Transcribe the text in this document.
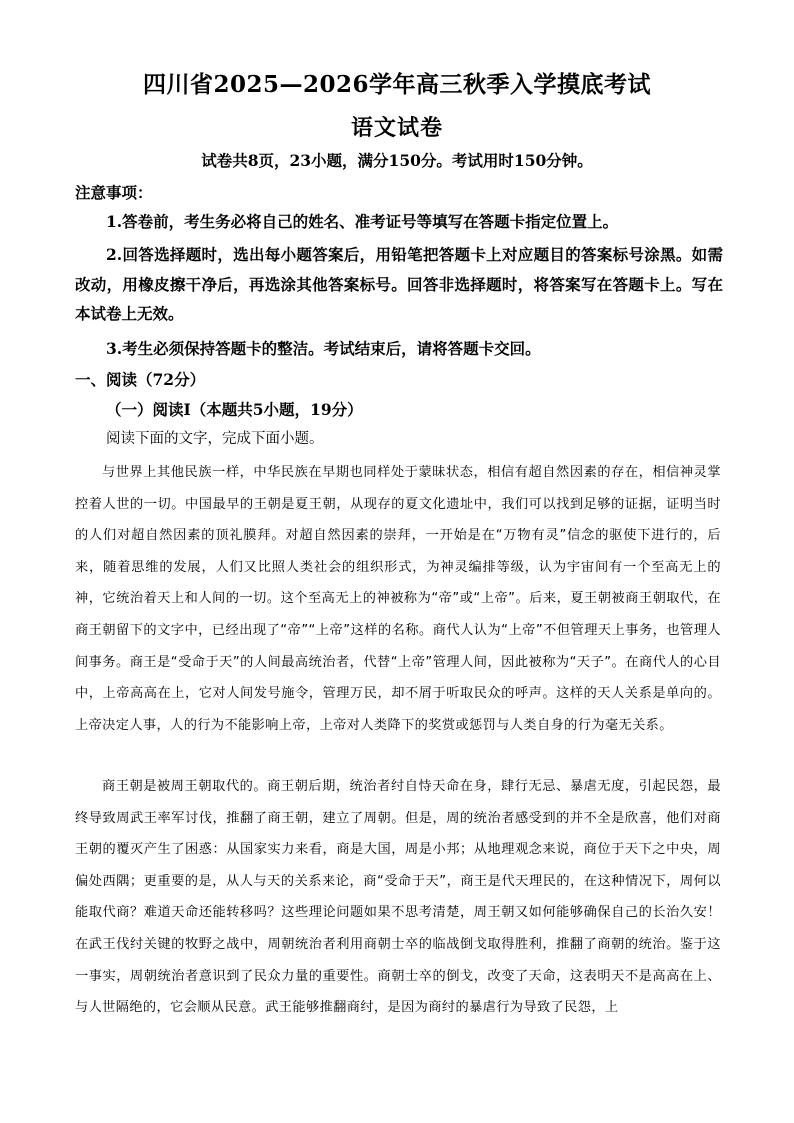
四川省2025—2026学年高三秋季入学摸底考试
语文试卷
试卷共8页，23小题，满分150分。考试用时150分钟。
注意事项：

1.答卷前，考生务必将自己的姓名、准考证号等填写在答题卡指定位置上。

2.回答选择题时，选出每小题答案后，用铅笔把答题卡上对应题目的答案标号涂黑。如需改动，用橡皮擦干净后，再选涂其他答案标号。回答非选择题时，将答案写在答题卡上。写在本试卷上无效。

3.考生必须保持答题卡的整洁。考试结束后，请将答题卡交回。

一、阅读（72分）
（一）阅读Ⅰ（本题共5小题，19分）
阅读下面的文字，完成下面小题。

与世界上其他民族一样，中华民族在早期也同样处于蒙昧状态，相信有超自然因素的存在，相信神灵掌控着人世的一切。中国最早的王朝是夏王朝，从现存的夏文化遗址中，我们可以找到足够的证据，证明当时的人们对超自然因素的顶礼膜拜。对超自然因素的崇拜，一开始是在“万物有灵”信念的驱使下进行的，后来，随着思维的发展，人们又比照人类社会的组织形式，为神灵编排等级，认为宇宙间有一个至高无上的神，它统治着天上和人间的一切。这个至高无上的神被称为“帝”或“上帝”。后来，夏王朝被商王朝取代，在商王朝留下的文字中，已经出现了“帝”“上帝”这样的名称。商代人认为“上帝”不但管理天上事务，也管理人间事务。商王是“受命于天”的人间最高统治者，代替“上帝”管理人间，因此被称为“天子”。在商代人的心目中，上帝高高在上，它对人间发号施令，管理万民，却不屑于听取民众的呼声。这样的天人关系是单向的。上帝决定人事，人的行为不能影响上帝，上帝对人类降下的奖赏或惩罚与人类自身的行为毫无关系。

商王朝是被周王朝取代的。商王朝后期，统治者纣自恃天命在身，肆行无忌、暴虐无度，引起民怨，最终导致周武王率军讨伐，推翻了商王朝，建立了周朝。但是，周的统治者感受到的并不全是欣喜，他们对商王朝的覆灭产生了困惑：从国家实力来看，商是大国，周是小邦；从地理观念来说，商位于天下之中央，周偏处西隅；更重要的是，从人与天的关系来论，商“受命于天”，商王是代天理民的，在这种情况下，周何以能取代商？难道天命还能转移吗？这些理论问题如果不思考清楚，周王朝又如何能够确保自己的长治久安！在武王伐纣关键的牧野之战中，周朝统治者利用商朝士卒的临战倒戈取得胜利，推翻了商朝的统治。鉴于这一事实，周朝统治者意识到了民众力量的重要性。商朝士卒的倒戈，改变了天命，这表明天不是高高在上、与人世隔绝的，它会顺从民意。武王能够推翻商纣，是因为商纣的暴虐行为导致了民怨，上
